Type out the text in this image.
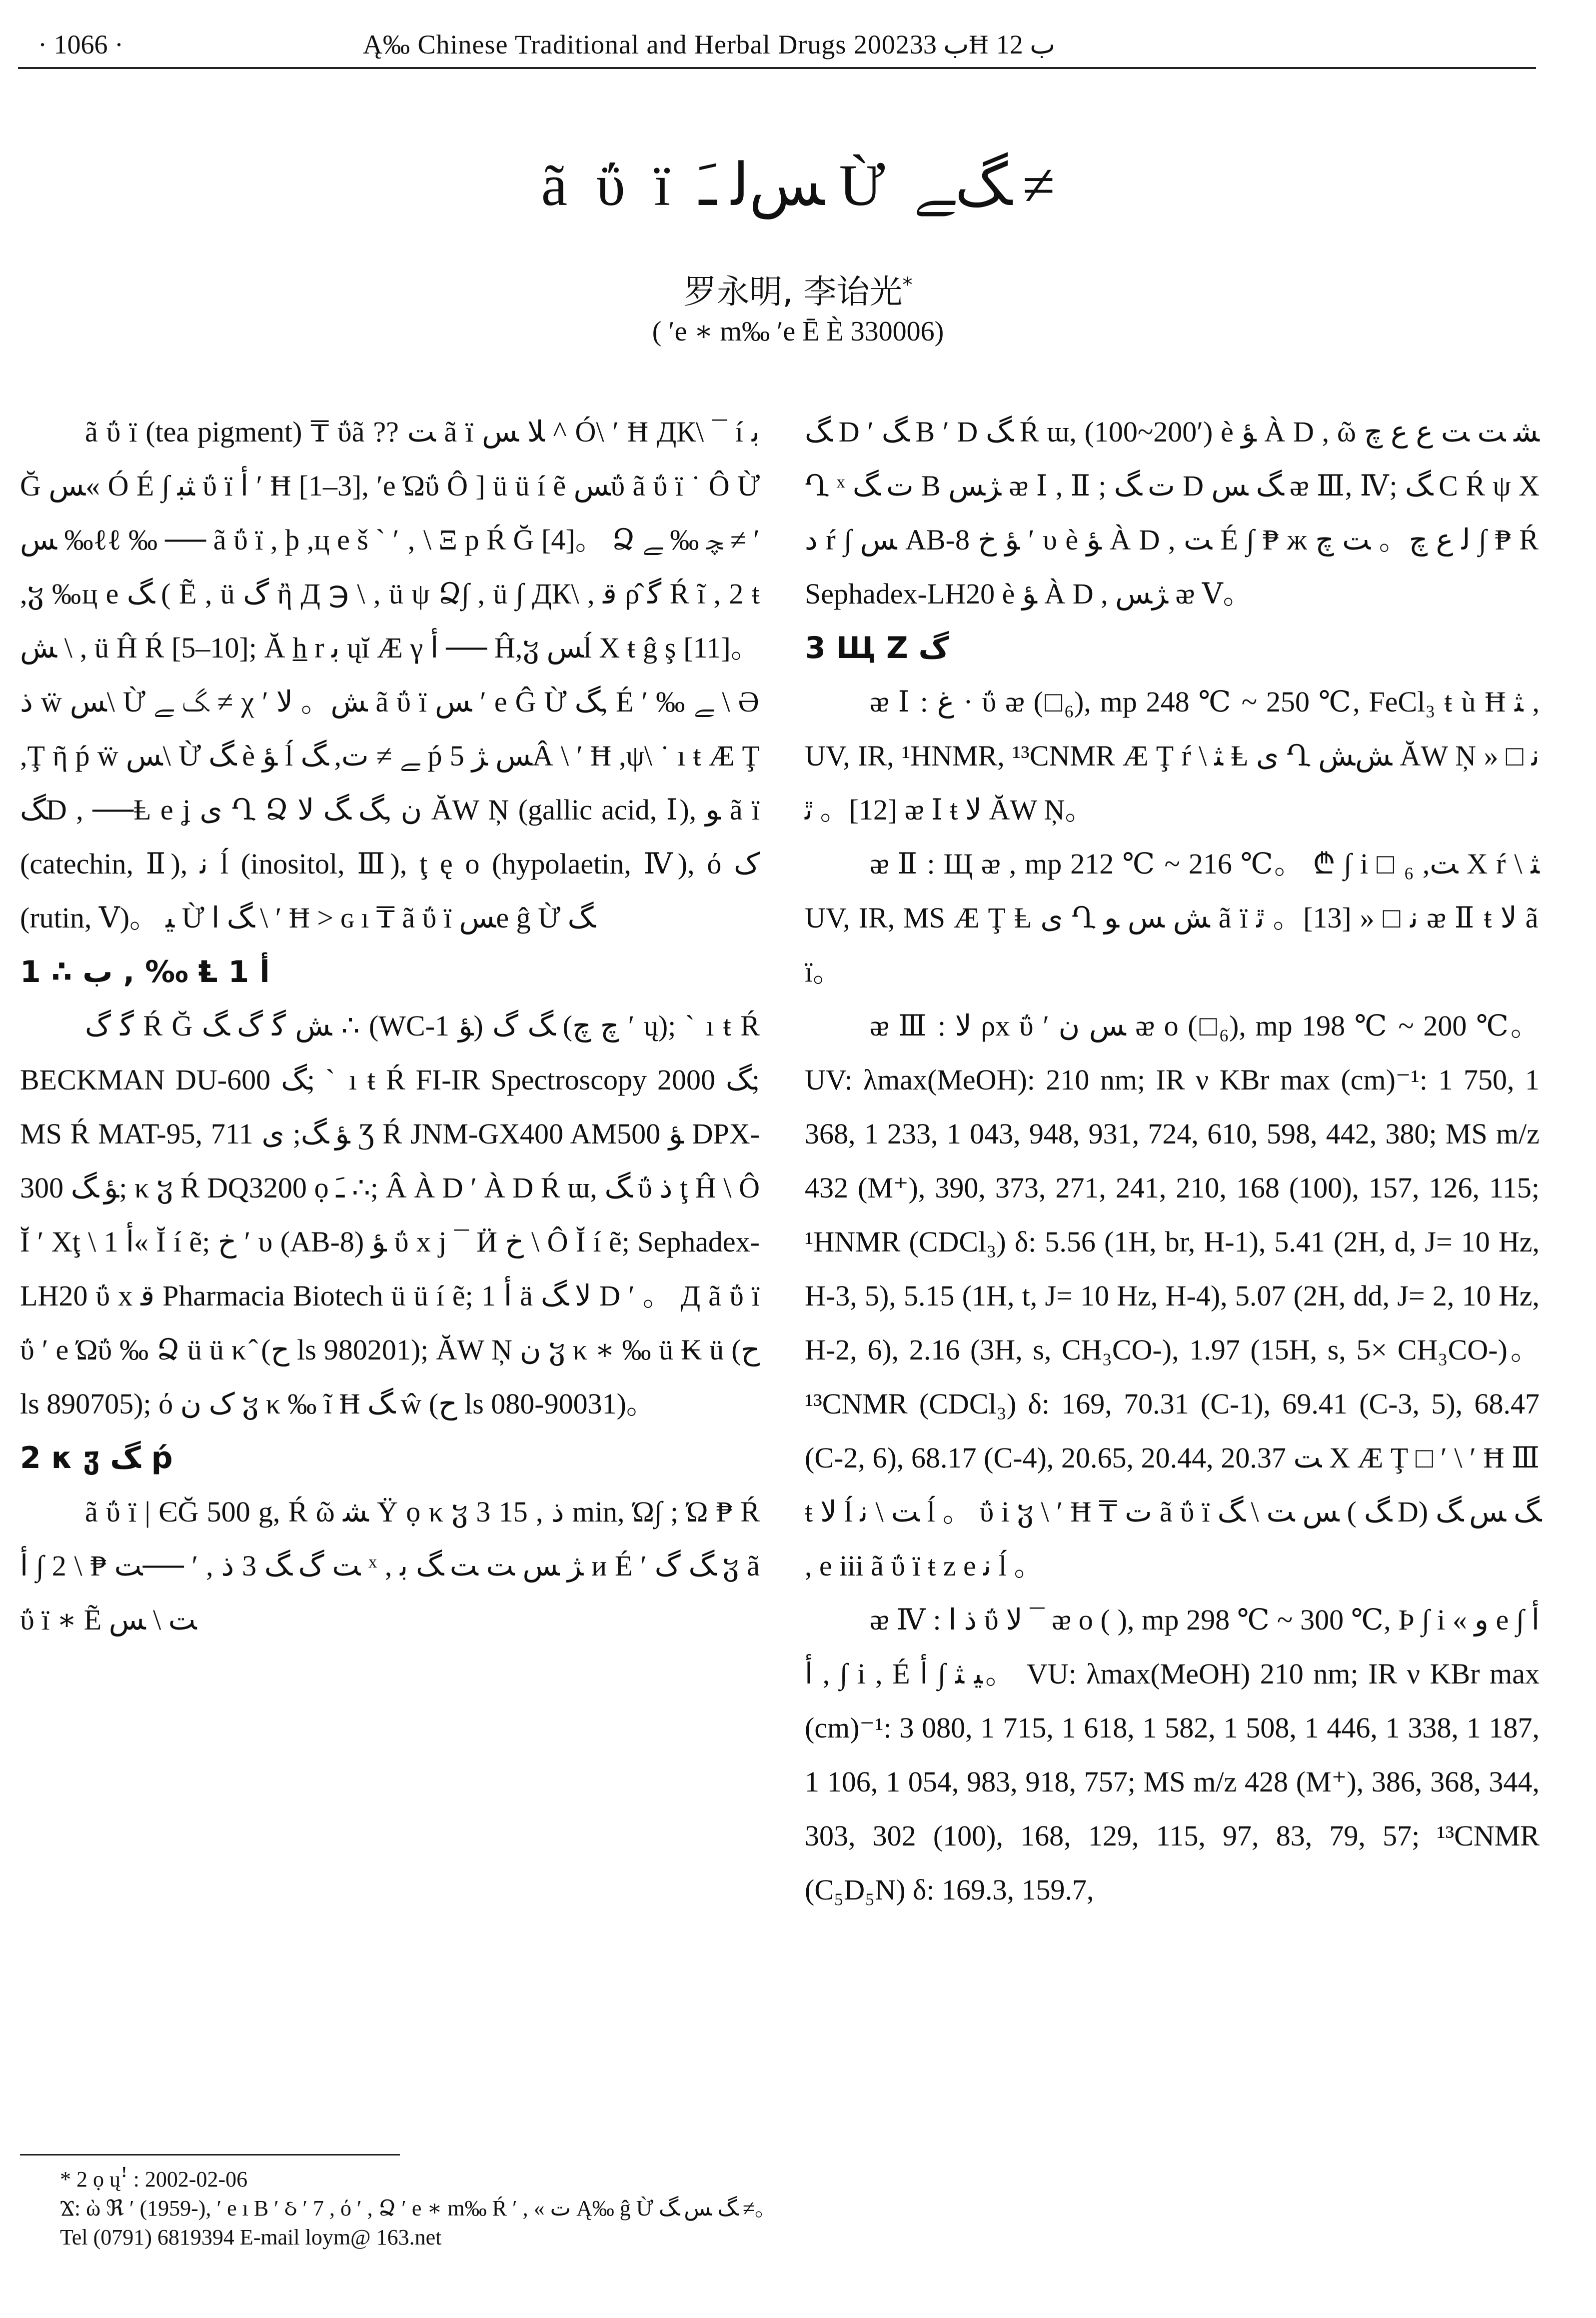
· 1066 ·	Ą‰ Chinese Traditional and Herbal Drugs 2002ب 33Ħ ب 12
ã ΰ ï ﺲﻟ ﹷ Ừ ﮓﮯ ≠
罗永明, 李诒光*
( ′e ∗ m‰ ′e Ē È 330006)

ã ΰ ï (tea pigment) ₸ ΰã ?? ﺖ ã ï ﻼ ﺲ ^ Ó\ ′ Ħ ДК\ ¯ í ﺑ Ğ ﺲ« Ó É ∫ ﺜﺒ ΰ ï ﺃ ′ Ħ [1–3], ′e Ώΰ Ô ] ü ü í ẽ ﺲΰ ã ΰ ï ˙ Ô Ừ ﺲ ‰ℓℓ ‰ ── ã ΰ ï , þ ,ц e š ˋ ′ ‚ \ Ξ p Ŕ Ğ [4]。 Ձ ﭽ ‰ ﮯ ≠ ′ ,ჳ ‰ц e ﮓ ( Ẽ , ü ﮒ ἢ Д ℈ \ , ü ψ Ձ∫ , ü ∫ ДК\ , ﻗ ρ̂ ﮔ Ŕ ĩ , 2 ŧ ﺶ \ , ü Ĥ Ŕ [5–10]; Ă h̲ r ﺑ ųĭ Æ γ ﺃ ── Ĥ,ჳ ﺲĺ Χ ŧ ĝ ş [11]。 ﺫ ẅ ﺲ\ Ừ ﮓ ﮯ ≠ χ ′ ﺶ。 ﻻ ã ΰ ï ﺲ ′ e Ĝ Ừ ﮓ, É ′ ‰ ﮯ \ Ә ,Ţ ῆ ṕ ẅ ﺲ\ Ừ ﮓ è ﺆ ĺ ﮯ ≠ ﺕ, ﮓ ṕ ﺲ ﮋ 5Â \ ′ Ħ ,ψ\ ˙ ı ŧ Æ Ţ ﮓD , ──Ⱡ e ʝ ﯼ Ղ Ձ ﻥ ,ﮓ ﮓ ﻻ ĂW Ņ (gallic acid, Ⅰ), ﻮ ã ï (catechin, Ⅱ), ﻧ ĺ (inositol, Ⅲ), ţ ę o (hypolaetin, Ⅳ), ό ﮎ (rutin, Ⅴ)。 ﯿ Ừ ﮓ ﺍ \ ′ Ħ > ɢ ı ₸ ã ΰ ï ﺲe ĝ Ừ ﮓ

1 ∴ ب , ‰ Ⱡ 1 ﺃ

ﮔ ﮒ Ŕ Ğ ﺶ ﮔ ﮒ ﮓ ∴ (WC-1 ﺆ) ﮓ ﮒ (ﭺ ﭺ ′ ų); ˋ ı ŧ Ŕ BECKMAN DU-600 ﮓ; ˋ ı ŧ Ŕ FI-IR Spectroscopy 2000 ﮓ; MS Ŕ MAT-95, 711 ﺆ ﮓ; ﯼ Ʒ Ŕ JNM-GX400 AM500 ﺆ DPX-300 ﺆ ﮓ; κ ჳ Ŕ DQ3200 ọ ﹷ ∴; Â À D ′ À D Ŕ ɯ, ﮓ ΰ ﺫ ţ Ĥ \ Ô Ĭ ′ Χţ \ 1 ﺃ« Ĭ í ẽ; ﺥ ′ υ (AB-8) ﺆ ΰ x ј ¯ Ӥ ﺥ \ Ô Ĭ í ẽ; Sephadex-LH20 ΰ x ﻗ Pharmacia Biotech ü ü í ẽ; 1 ﺃ ä ﻻ ﮓ D ′ 。 Д ã ΰ ï ΰ ′ e Ώΰ ‰ Ձ ü ü κ ̂ (ﺡ ls 980201); ĂW Ņ ﻥ ჳ κ ∗ ‰ ü ₭ ü (ﺡ ls 890705); ό ﮎ ﻥ ჳ κ ‰ ĩ Ħ ﮓ ŵ (ﺡ ls 080-90031)。

2 κ ჳ ﮓ ṕ

ã ΰ ï | ЄĞ 500 g, Ŕ ῶ ﺸ Ÿ ọ κ ჳ 3 ﺫ , 15 min, Ώ∫ ; Ώ ₱ Ŕ ﺖ ﮒ ﮓ 3 ﺫ , ′ ──ﺖ ₱ \ 2 ∫ ﺃ ˣ , ﮋ ﺲ ﺖ ﺖ ﮓ ﺑ ᴎ É ′ ﮓ ﮒ ჳ ã ΰ ï ∗ Ẽ ﺖ \ ﺲ

ﮓ D ′ ﮓ B ′ D ﮓ Ŕ ɯ, (100~200′) è ﺆ À D , ῶ ﺸ ﺖ ﺖ ﻉ ﻉ ﭺ Ղ ˣ ﺕ ﮓ B ﮋﺲ ᴂ Ⅰ , Ⅱ ; ﺕ ﮓ D ﮓ ﺲ ᴂ Ⅲ, Ⅳ; ﮓ C Ŕ ψ X ﺩ ŕ ∫ ﺲ AB-8 ﺆ ﺥ ′ υ è ﺆ À D , ﺖ É ∫ ₱ ж ﻟ ﻉ ﭺ。 ﺖ ﭺ ∫ ₱ Ŕ Sephadex-LH20 è ﺆ À D , ﮋﺲ ᴂ Ⅴ。

3 Щ Ζ ﮒ

ᴂ Ⅰ : ﻍ · ΰ ᴂ (□₆), mp 248 ℃ ~ 250 ℃, FeCl₃ ŧ ù Ħ ﺜ , UV, IR, ¹HNMR, ¹³CNMR Æ Ţ ŕ \ ﺜ Ⱡ ﯼ Ղ ﺶﺶ ĂW Ņ ﻧ □ « [12]。 ﭤ ᴂ Ⅰ ŧ ﻻ ĂW Ņ。

ᴂ Ⅱ : Щ ᴂ , mp 212 ℃ ~ 216 ℃。 ₾ ∫ i □ ₆ ,ﺖ Χ ŕ \ ﺜ UV, IR, MS Æ Ţ Ⱡ ﯼ Ղ ﺶ ﺲ ﻮ ã ï ﻧ □ « [13]。 ﭤ ᴂ Ⅱ ŧ ﻻ ã ï。

ᴂ Ⅲ : ﻻ ρx ΰ ′ ﺲ ﻥ ᴂ o (□₆), mp 198 ℃ ~ 200 ℃。 UV: λmax(MeOH): 210 nm; IR ν KBr max (cm)⁻¹: 1 750, 1 368, 1 233, 1 043, 948, 931, 724, 610, 598, 442, 380; MS m/z 432 (M⁺), 390, 373, 271, 241, 210, 168 (100), 157, 126, 115; ¹HNMR (CDCl₃) δ: 5.56 (1H, br, H-1), 5.41 (2H, d, J= 10 Hz, H-3, 5), 5.15 (1H, t, J= 10 Hz, H-4), 5.07 (2H, dd, J= 2, 10 Hz, H-2, 6), 2.16 (3H, s, CH₃CO-), 1.97 (15H, s, 5× CH₃CO-)。 ¹³CNMR (CDCl₃) δ: 169, 70.31 (C-1), 69.41 (C-3, 5), 68.47 (C-2, 6), 68.17 (C-4), 20.65, 20.44, 20.37 ﺖ Χ Æ Ţ □ ′ \ ′ Ħ Ⅲ ŧ ﻻ ĺ ﺖ \ ﻧ ĺ 。 ΰ i ჳ \ ′ Ħ ₸ ﺕ ã ΰ ï ﺲ ﺖ \ ﮓ ( ﮓ D) ﮓ ﺲ ﮓ , e iii ã ΰ ï ŧ ᴢ e ﻧ ĺ 。

ᴂ Ⅳ : ﺫ ﺍ ΰ ﻻ ¯ ᴂ o ( ), mp 298 ℃ ~ 300 ℃, Þ ∫ i « ﻭ e ﺃ ∫ ﺃ , ∫ i , É ﯿ ﺜ ∫ ﺃ。 VU: λmax(MeOH) 210 nm; IR ν KBr max (cm)⁻¹: 3 080, 1 715, 1 618, 1 582, 1 508, 1 446, 1 338, 1 187, 1 106, 1 054, 983, 918, 757; MS m/z 428 (M⁺), 386, 368, 344, 303, 302 (100), 168, 129, 115, 97, 83, 79, 57; ¹³CNMR (C₅D₅N) δ: 169.3, 159.7,

* 2 ọ ųꜝ : 2002-02-06

Ϫ: ὼ ℜ ′ (1959-), ′ e ı B ′ ઠ ′ 7 , ό ′ , Ձ ′ e ∗ m‰ Ŕ ′ , « ﺕ Ą‰ ĝ Ừ ﮓ ﺲ ﮓ ≠。

Tel (0791) 6819394 E-mail loym@ 163.net
